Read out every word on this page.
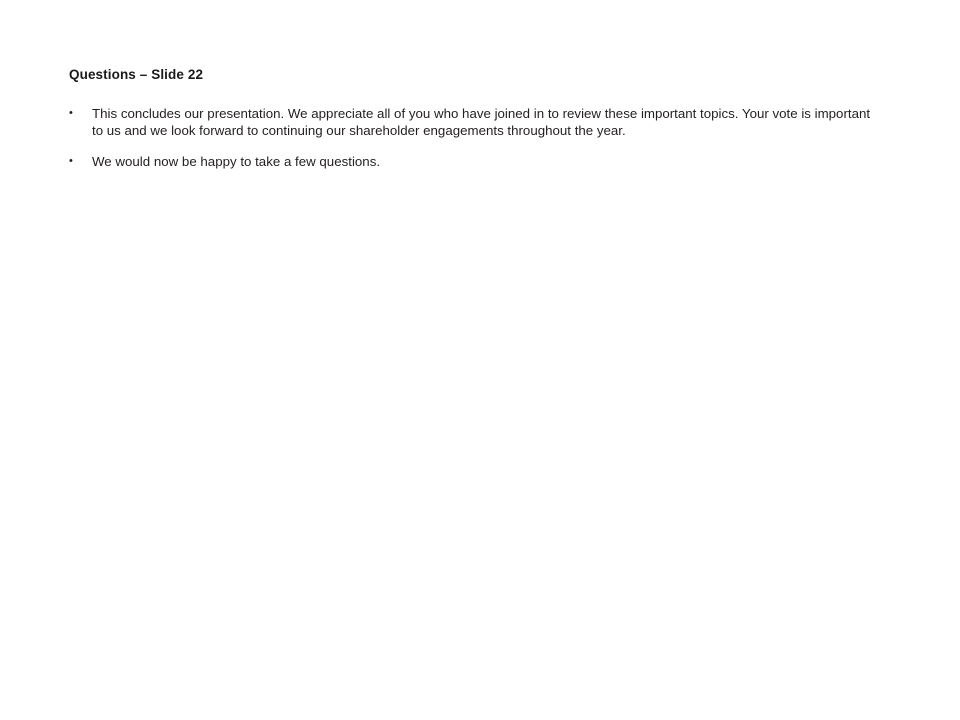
Questions – Slide 22
• This concludes our presentation. We appreciate all of you who have joined in to review these important topics. Your vote is important to us and we look forward to continuing our shareholder engagements throughout the year.
• We would now be happy to take a few questions.
